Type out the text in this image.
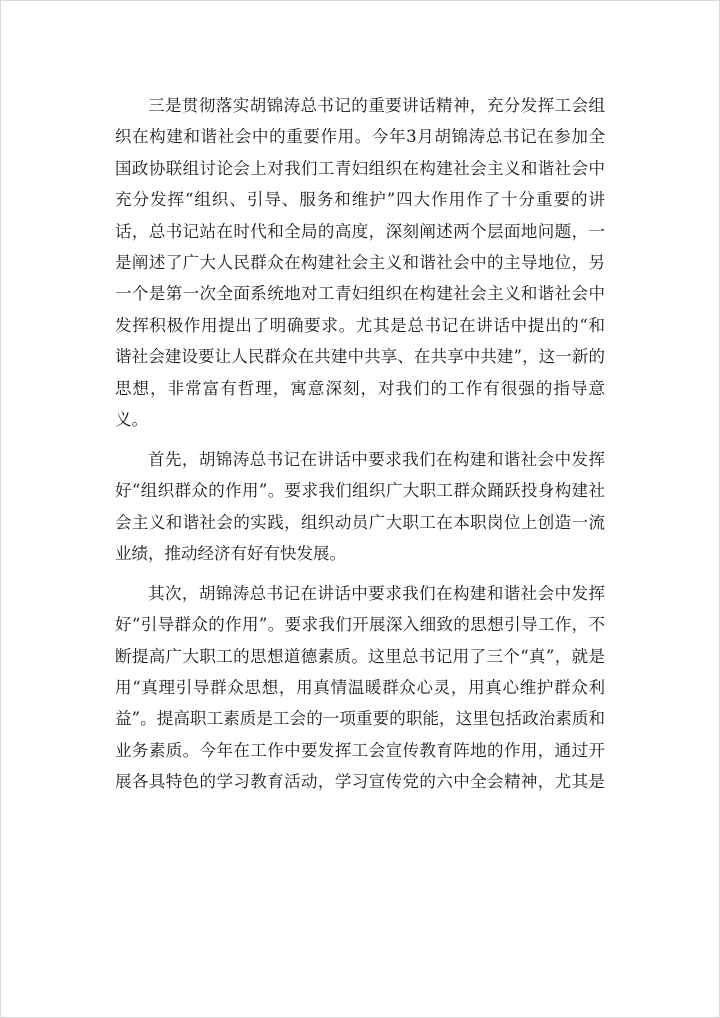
三是贯彻落实胡锦涛总书记的重要讲话精神，充分发挥工会组
织在构建和谐社会中的重要作用。今年3月胡锦涛总书记在参加全
国政协联组讨论会上对我们工青妇组织在构建社会主义和谐社会中
充分发挥“组织、引导、服务和维护”四大作用作了十分重要的讲
话，总书记站在时代和全局的高度，深刻阐述两个层面地问题，一
是阐述了广大人民群众在构建社会主义和谐社会中的主导地位，另
一个是第一次全面系统地对工青妇组织在构建社会主义和谐社会中
发挥积极作用提出了明确要求。尤其是总书记在讲话中提出的“和
谐社会建设要让人民群众在共建中共享、在共享中共建”，这一新的
思想，非常富有哲理，寓意深刻，对我们的工作有很强的指导意
义。
首先，胡锦涛总书记在讲话中要求我们在构建和谐社会中发挥
好“组织群众的作用”。要求我们组织广大职工群众踊跃投身构建社
会主义和谐社会的实践，组织动员广大职工在本职岗位上创造一流
业绩，推动经济有好有快发展。
其次，胡锦涛总书记在讲话中要求我们在构建和谐社会中发挥
好“引导群众的作用”。要求我们开展深入细致的思想引导工作，不
断提高广大职工的思想道德素质。这里总书记用了三个“真”，就是
用“真理引导群众思想，用真情温暖群众心灵，用真心维护群众利
益”。提高职工素质是工会的一项重要的职能，这里包括政治素质和
业务素质。今年在工作中要发挥工会宣传教育阵地的作用，通过开
展各具特色的学习教育活动，学习宣传党的六中全会精神，尤其是
